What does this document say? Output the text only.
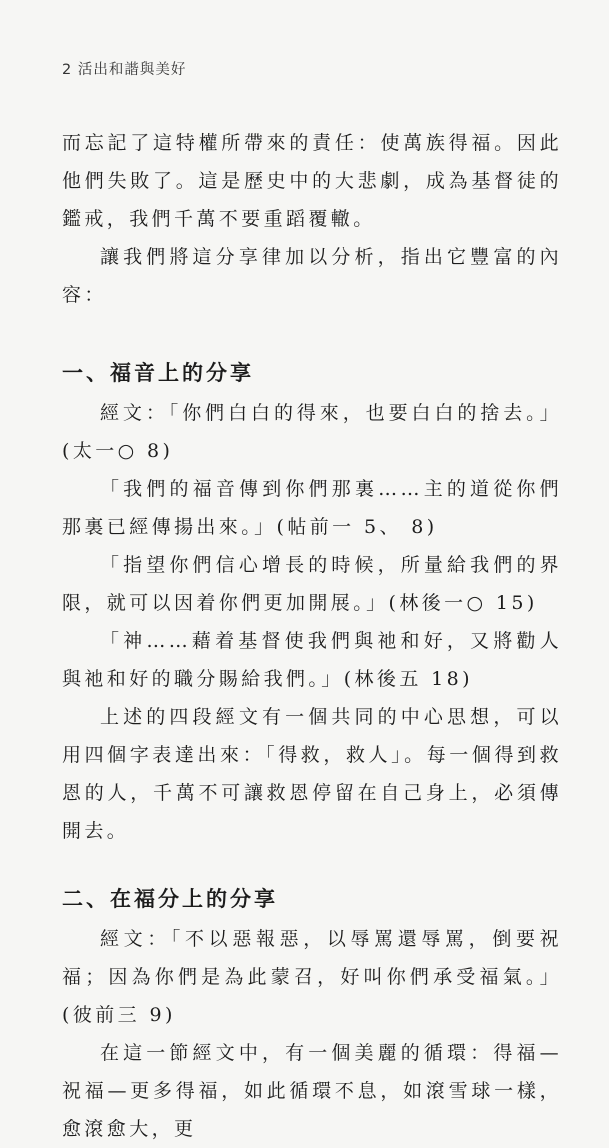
2 活出和諧與美好

而忘記了這特權所帶來的責任：使萬族得福。因此他們失敗了。這是歷史中的大悲劇，成為基督徒的鑑戒，我們千萬不要重蹈覆轍。

讓我們將這分享律加以分析，指出它豐富的內容：

一、福音上的分享

經文：「你們白白的得來，也要白白的捨去。」(太一○ 8)

「我們的福音傳到你們那裏……主的道從你們那裏已經傳揚出來。」(帖前一 5、 8)

「指望你們信心增長的時候，所量給我們的界限，就可以因着你們更加開展。」(林後一○ 15)

「神……藉着基督使我們與祂和好，又將勸人與祂和好的職分賜給我們。」(林後五 18)

上述的四段經文有一個共同的中心思想，可以用四個字表達出來：「得救，救人」。每一個得到救恩的人，千萬不可讓救恩停留在自己身上，必須傳開去。

二、在福分上的分享

經文：「不以惡報惡，以辱罵還辱罵，倒要祝福；因為你們是為此蒙召，好叫你們承受福氣。」(彼前三 9)

在這一節經文中，有一個美麗的循環：得福—祝福—更多得福，如此循環不息，如滾雪球一樣，愈滾愈大，更
